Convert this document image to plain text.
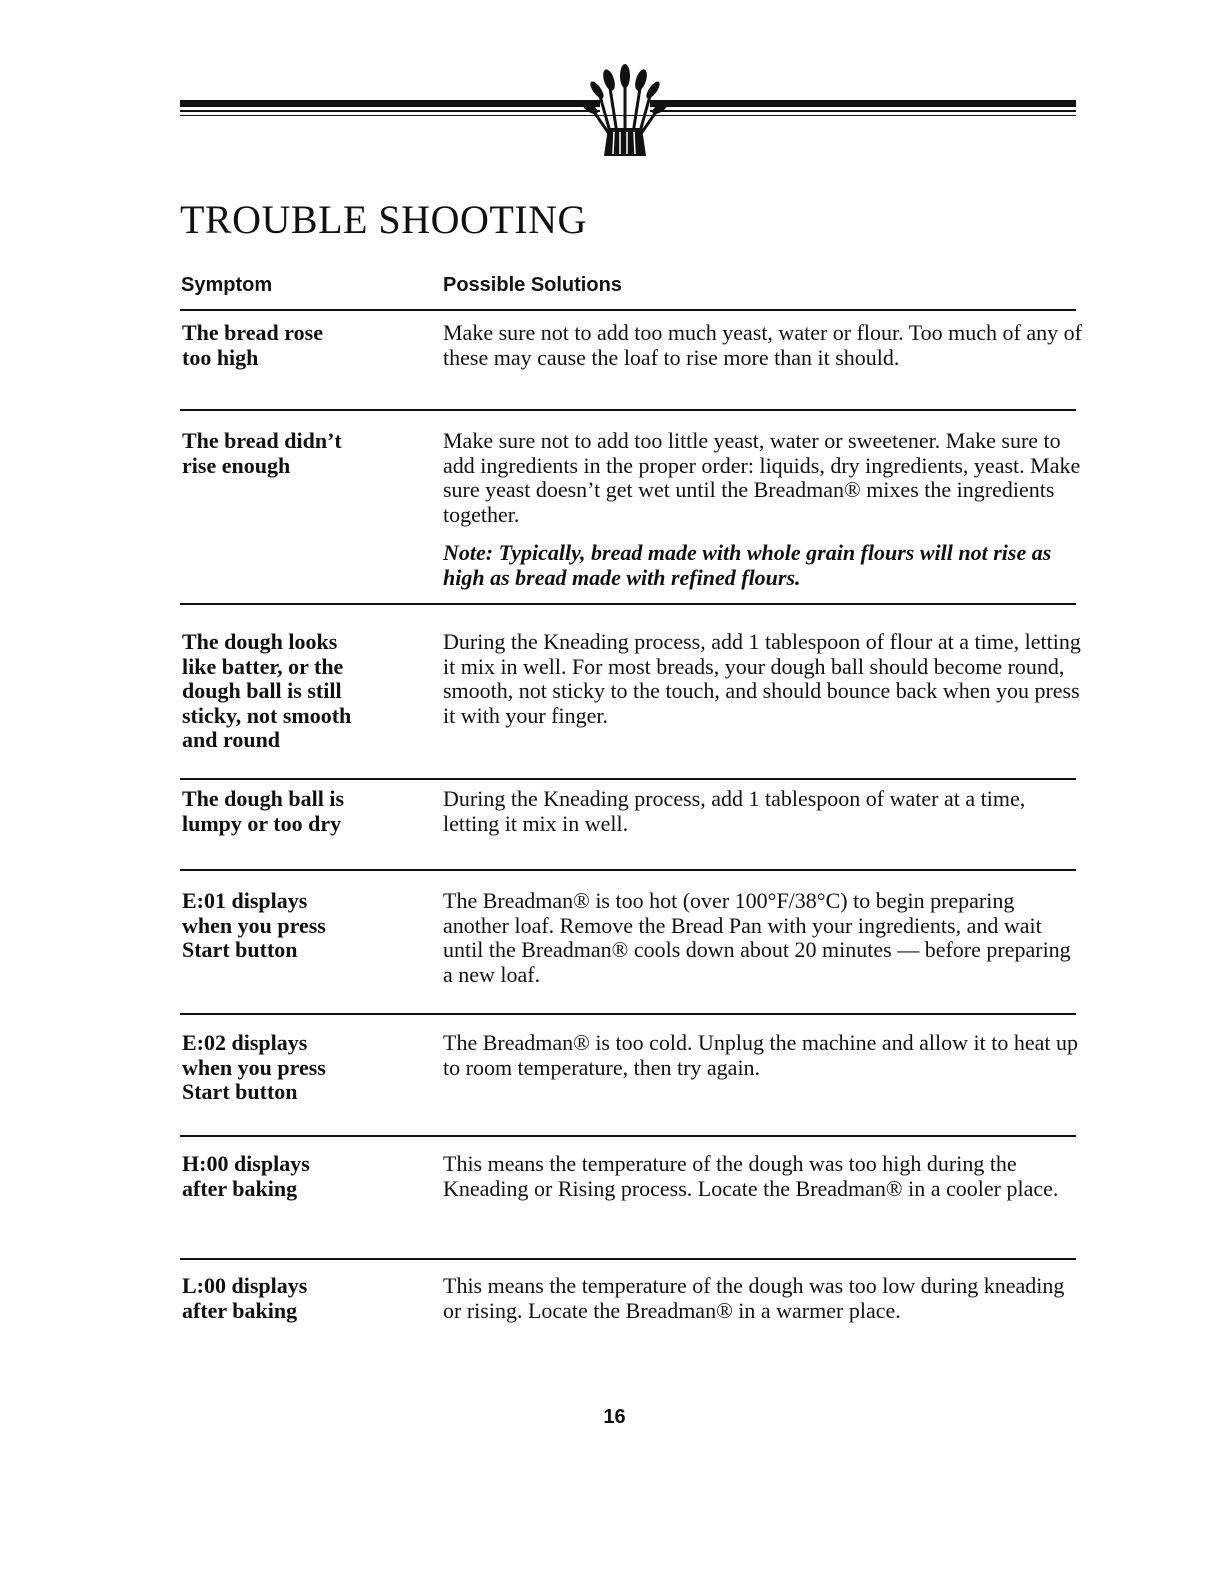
TROUBLE SHOOTING
Symptom	Possible Solutions
The bread rose
too high
Make sure not to add too much yeast, water or flour. Too much of any of these may cause the loaf to rise more than it should.
The bread didn’t
rise enough
Make sure not to add too little yeast, water or sweetener. Make sure to add ingredients in the proper order: liquids, dry ingredients, yeast. Make sure yeast doesn’t get wet until the Breadman® mixes the ingredients together.
Note: Typically, bread made with whole grain flours will not rise as high as bread made with refined flours.
The dough looks
like batter, or the
dough ball is still
sticky, not smooth
and round
During the Kneading process, add 1 tablespoon of flour at a time, letting it mix in well. For most breads, your dough ball should become round, smooth, not sticky to the touch, and should bounce back when you press it with your finger.
The dough ball is
lumpy or too dry
During the Kneading process, add 1 tablespoon of water at a time, letting it mix in well.
E:01 displays
when you press
Start button
The Breadman® is too hot (over 100°F/38°C) to begin preparing another loaf. Remove the Bread Pan with your ingredients, and wait until the Breadman® cools down about 20 minutes — before preparing a new loaf.
E:02 displays
when you press
Start button
The Breadman® is too cold. Unplug the machine and allow it to heat up to room temperature, then try again.
H:00 displays
after baking
This means the temperature of the dough was too high during the Kneading or Rising process. Locate the Breadman® in a cooler place.
L:00 displays
after baking
This means the temperature of the dough was too low during kneading or rising. Locate the Breadman® in a warmer place.
16
